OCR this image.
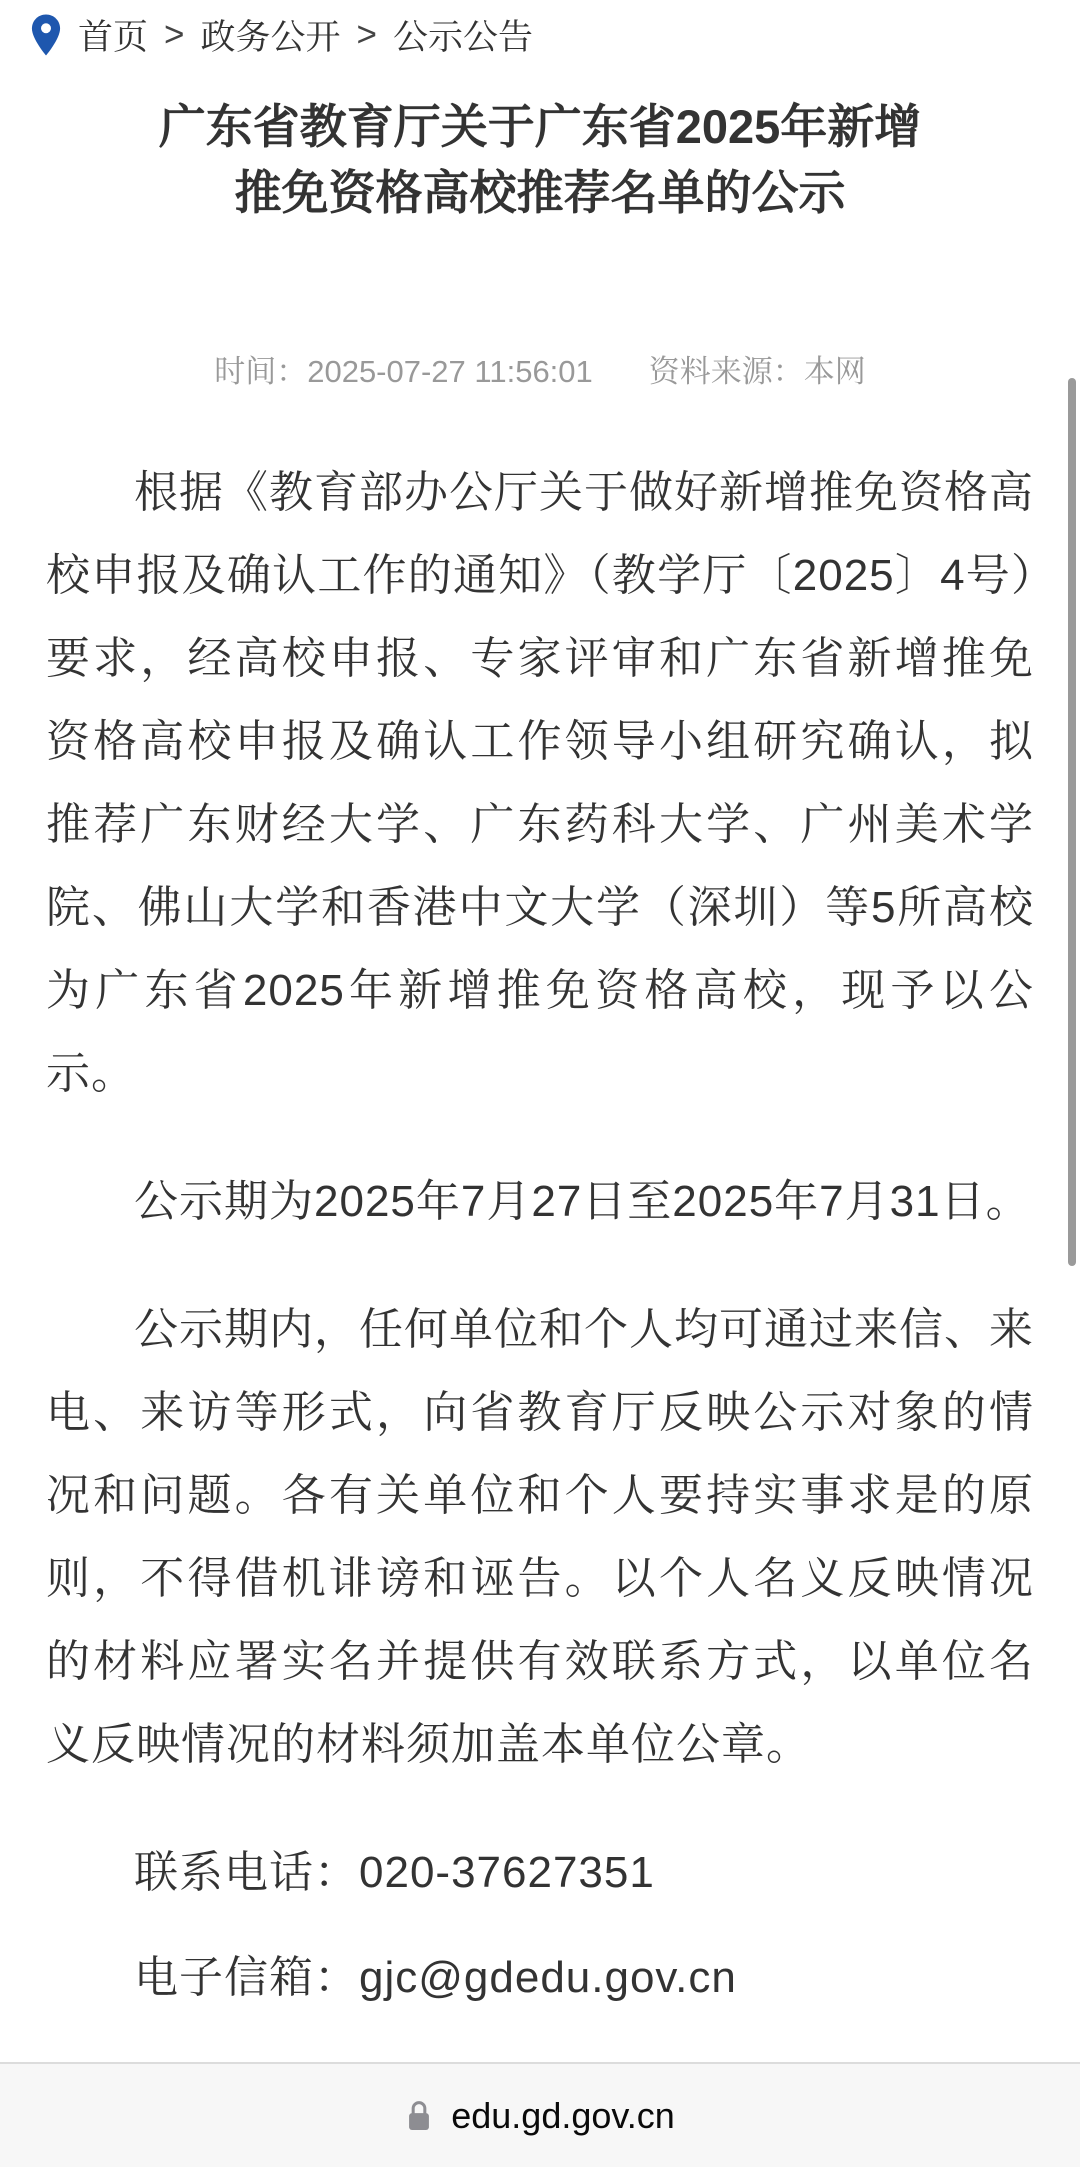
首页 > 政务公开 > 公示公告
广东省教育厅关于广东省2025年新增
推免资格高校推荐名单的公示
时间：2025-07-27 11:56:01 资料来源：本网

根据《教育部办公厅关于做好新增推免资格高校申报及确认工作的通知》（教学厅〔2025〕4号）要求，经高校申报、专家评审和广东省新增推免资格高校申报及确认工作领导小组研究确认，拟推荐广东财经大学、广东药科大学、广州美术学院、佛山大学和香港中文大学（深圳）等5所高校为广东省2025年新增推免资格高校，现予以公示。

公示期为2025年7月27日至2025年7月31日。

公示期内，任何单位和个人均可通过来信、来电、来访等形式，向省教育厅反映公示对象的情况和问题。各有关单位和个人要持实事求是的原则，不得借机诽谤和诬告。以个人名义反映情况的材料应署实名并提供有效联系方式，以单位名义反映情况的材料须加盖本单位公章。

联系电话：020-37627351

电子信箱：gjc@gdedu.gov.cn

edu.gd.gov.cn
